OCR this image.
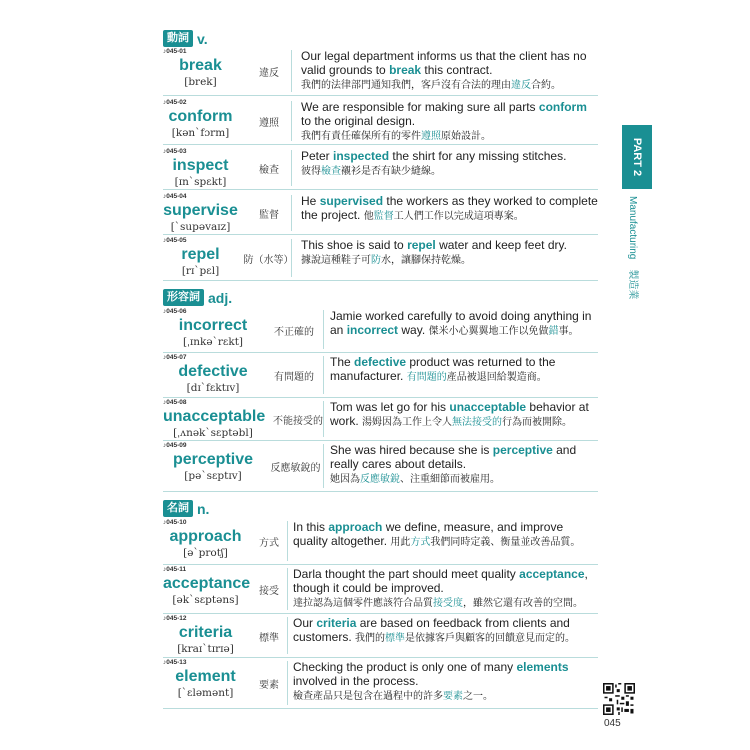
動詞 v.
形容詞 adj.
名詞 n.
♪045-01
break
[brek]
違反
Our legal department informs us that the client has no
valid grounds to break this contract.
我們的法律部門通知我們，客戶沒有合法的理由違反合約。
♪045-02
conform
[kən`fɔrm]
遵照
We are responsible for making sure all parts conform
to the original design.
我們有責任確保所有的零件遵照原始設計。
♪045-03
inspect
[ɪn`spɛkt]
檢查
Peter inspected the shirt for any missing stitches.
彼得檢查襯衫是否有缺少縫線。
♪045-04
supervise
[`supəvaɪz]
監督
He supervised the workers as they worked to complete
the project. 他監督工人們工作以完成這項專案。
♪045-05
repel
[rɪ`pɛl]
防（水等）
This shoe is said to repel water and keep feet dry.
據說這種鞋子可防水，讓腳保持乾燥。
♪045-06
incorrect
[ˌɪnkə`rɛkt]
不正確的
Jamie worked carefully to avoid doing anything in
an incorrect way. 傑米小心翼翼地工作以免做錯事。
♪045-07
defective
[dɪ`fɛktɪv]
有問題的
The defective product was returned to the
manufacturer. 有問題的產品被退回給製造商。
♪045-08
unacceptable
[ˌʌnək`sɛptəbl]
不能接受的
Tom was let go for his unacceptable behavior at
work. 湯姆因為工作上令人無法接受的行為而被開除。
♪045-09
perceptive
[pə`sɛptɪv]
反應敏銳的
She was hired because she is perceptive and
really cares about details.
她因為反應敏銳、注重細節而被雇用。
♪045-10
approach
[ə`protʃ]
方式
In this approach we define, measure, and improve
quality altogether. 用此方式我們同時定義、衡量並改善品質。
♪045-11
acceptance
[ək`sɛptəns]
接受
Darla thought the part should meet quality acceptance,
though it could be improved.
達拉認為這個零件應該符合品質接受度，雖然它還有改善的空間。
♪045-12
criteria
[kraɪ`tɪrɪə]
標準
Our criteria are based on feedback from clients and
customers. 我們的標準是依據客戶與顧客的回饋意見而定的。
♪045-13
element
[`ɛləmənt]
要素
Checking the product is only one of many elements
involved in the process.
檢查產品只是包含在過程中的許多要素之一。
PART 2
Manufacturing　製造業
045
